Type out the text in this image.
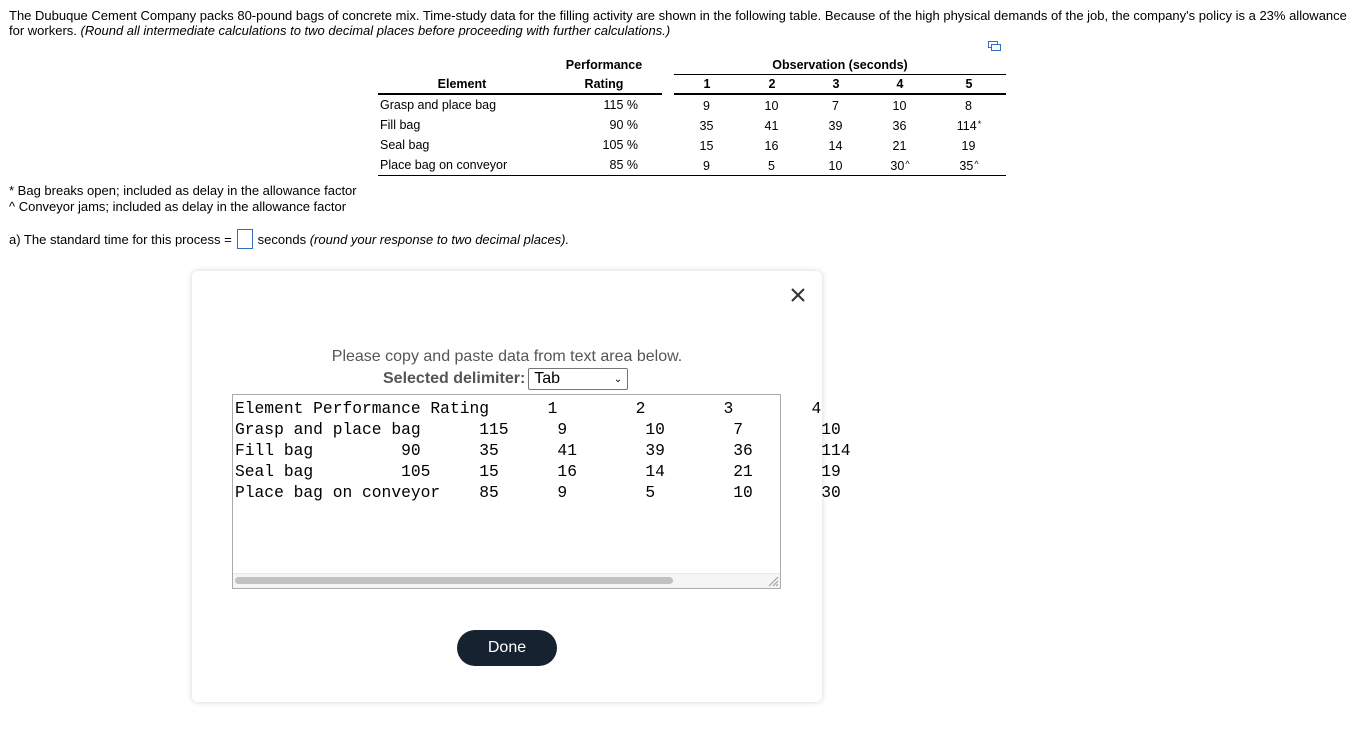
The Dubuque Cement Company packs 80-pound bags of concrete mix. Time-study data for the filling activity are shown in the following table. Because of the high physical demands of the job, the company's policy is a 23% allowance for workers. (Round all intermediate calculations to two decimal places before proceeding with further calculations.)
	Performance		Observation (seconds)				
Element	Rating		1	2	3	4	5
Grasp and place bag	115 %		9	10	7	10	8
Fill bag	90 %		35	41	39	36	114*
Seal bag	105 %		15	16	14	21	19
Place bag on conveyor	85 %		9	5	10	30^	35^
* Bag breaks open; included as delay in the allowance factor
^ Conveyor jams; included as delay in the allowance factor
a) The standard time for this process = seconds
(round your response to two decimal places).
Please copy and paste data from text area below.
Selected delimiter: Tab	⌄
Element Performance Rating      1        2        3        4
Grasp and place bag      115     9        10       7        10
Fill bag         90      35      41       39       36       114
Seal bag         105     15      16       14       21       19
Place bag on conveyor    85      9        5        10       30
Done
